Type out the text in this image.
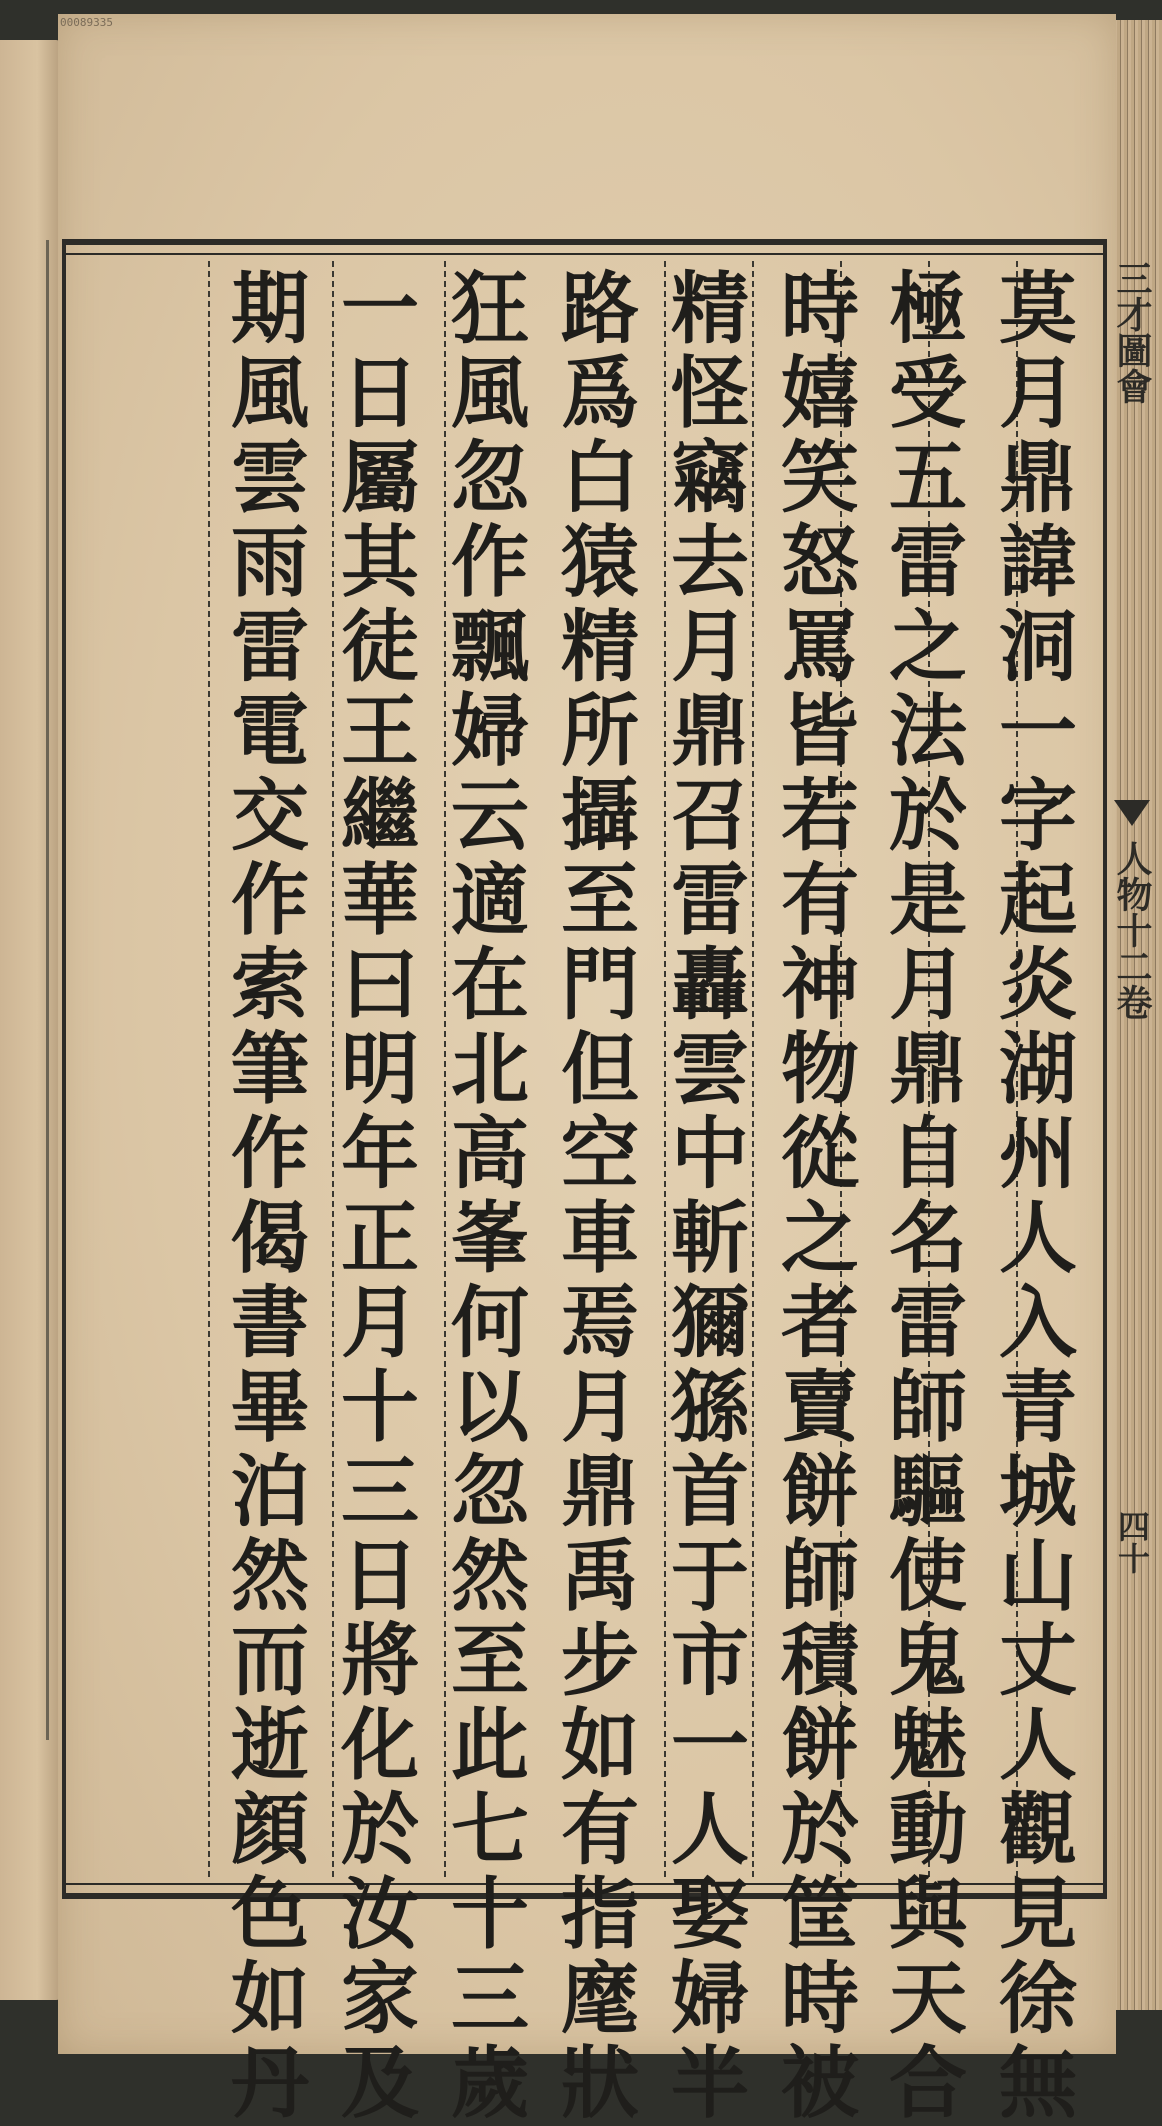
00089335
莫月鼎諱洞一字起炎湖州人入青城山丈人觀見徐無
極受五雷之法於是月鼎自名雷師驅使鬼魅動與天合
時嬉笑怒罵皆若有神物從之者賣餅師積餅於筐時被
精怪竊去月鼎召雷轟雲中斬獮猻首于市一人娶婦半
路爲白猿精所攝至門但空車焉月鼎禹步如有指麾狀
狂風忽作飄婦云適在北高峯何以忽然至此七十三歲
一日屬其徒王繼華曰明年正月十三日將化於汝家及
期風雲雨雷電交作索筆作偈書畢泊然而逝顔色如丹	三才圖會
人物十二卷
四十
